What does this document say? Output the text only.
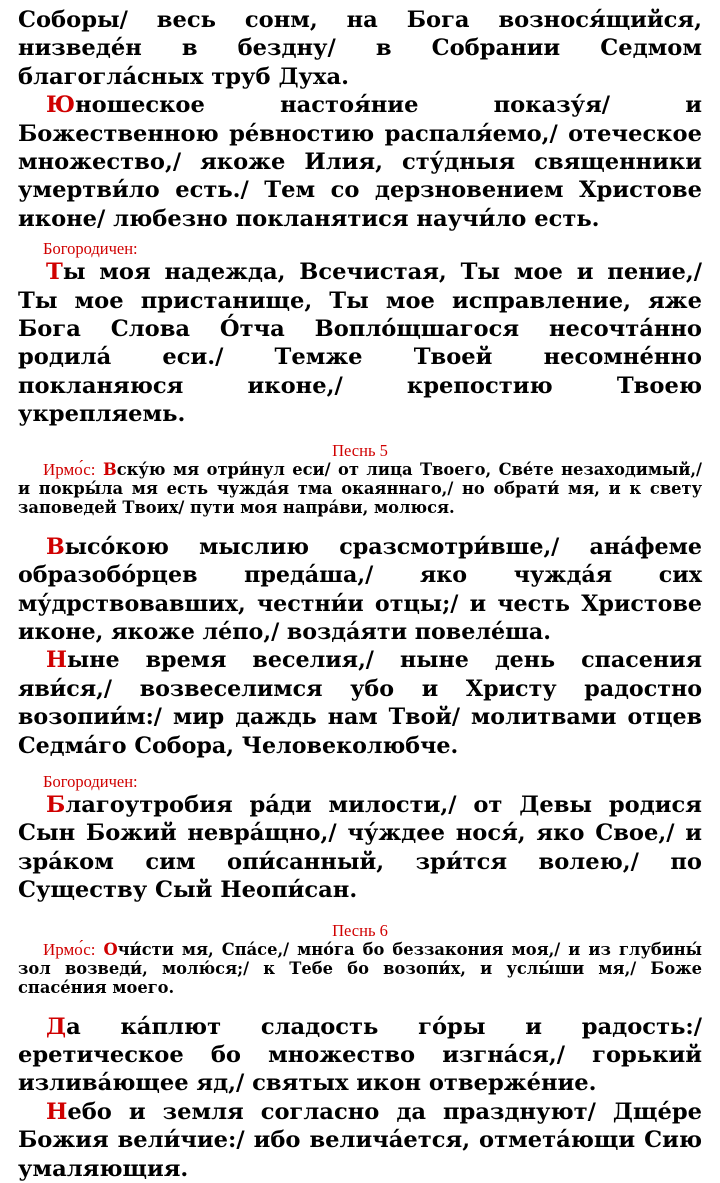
Соборы/ весь сонм, на Бога вознося́щийся, низведе́н в бездну/ в Собрании Седмом благогла́сных труб Духа.

Юношеское настоя́ние показу́я/ и Божественною ре́вностию распаля́емо,/ отеческое множество,/ якоже Илия, сту́дныя священники умертви́ло есть./ Тем со дерзновением Христове иконе/ любезно покланятися научи́ло есть.

Богородичен:

Ты моя надежда, Всечистая, Ты мое и пение,/ Ты мое пристанище, Ты мое исправление, яже Бога Слова О́тча Вопло́щшагося несочта́нно родила́ еси./ Темже Твоей несомне́нно покланяюся иконе,/ крепостию Твоею укрепляемь.

Песнь 5

Ирмо́с: Вску́ю мя отри́нул еси/ от лица Твоего, Све́те незаходимый,/ и покры́ла мя есть чужда́я тма окаяннаго,/ но обрати́ мя, и к свету заповедей Твоих/ пути моя напра́ви, молюся.

Высо́кою мыслию сразсмотри́вше,/ ана́феме образобо́рцев преда́ша,/ яко чужда́я сих му́дрствовавших, честни́и отцы;/ и честь Христове иконе, якоже ле́по,/ возда́яти повеле́ша.

Ныне время веселия,/ ныне день спасения яви́ся,/ возвеселимся убо и Христу радостно возопии́м:/ мир даждь нам Твой/ молитвами отцев Седма́го Собора, Человеколюбче.

Богородичен:

Благоутробия ра́ди милости,/ от Девы родися Сын Божий невра́щно,/ чу́ждее нося́, яко Свое,/ и зра́ком сим опи́санный, зри́тся волею,/ по Существу Сый Неопи́сан.

Песнь 6

Ирмо́с: Очи́сти мя, Спа́се,/ мно́га бо беззакония моя,/ и из глубины́ зол возведи́, молю́ся;/ к Тебе бо возопи́х, и услы́ши мя,/ Боже спасе́ния моего.

Да ка́плют сладость го́ры и радость:/ еретическое бо множество изгна́ся,/ горький излива́ющее яд,/ святых икон отверже́ние.

Небо и земля согласно да празднуют/ Дще́ре Божия вели́чие:/ ибо велича́ется, отмета́ющи Сию умаляющия.
